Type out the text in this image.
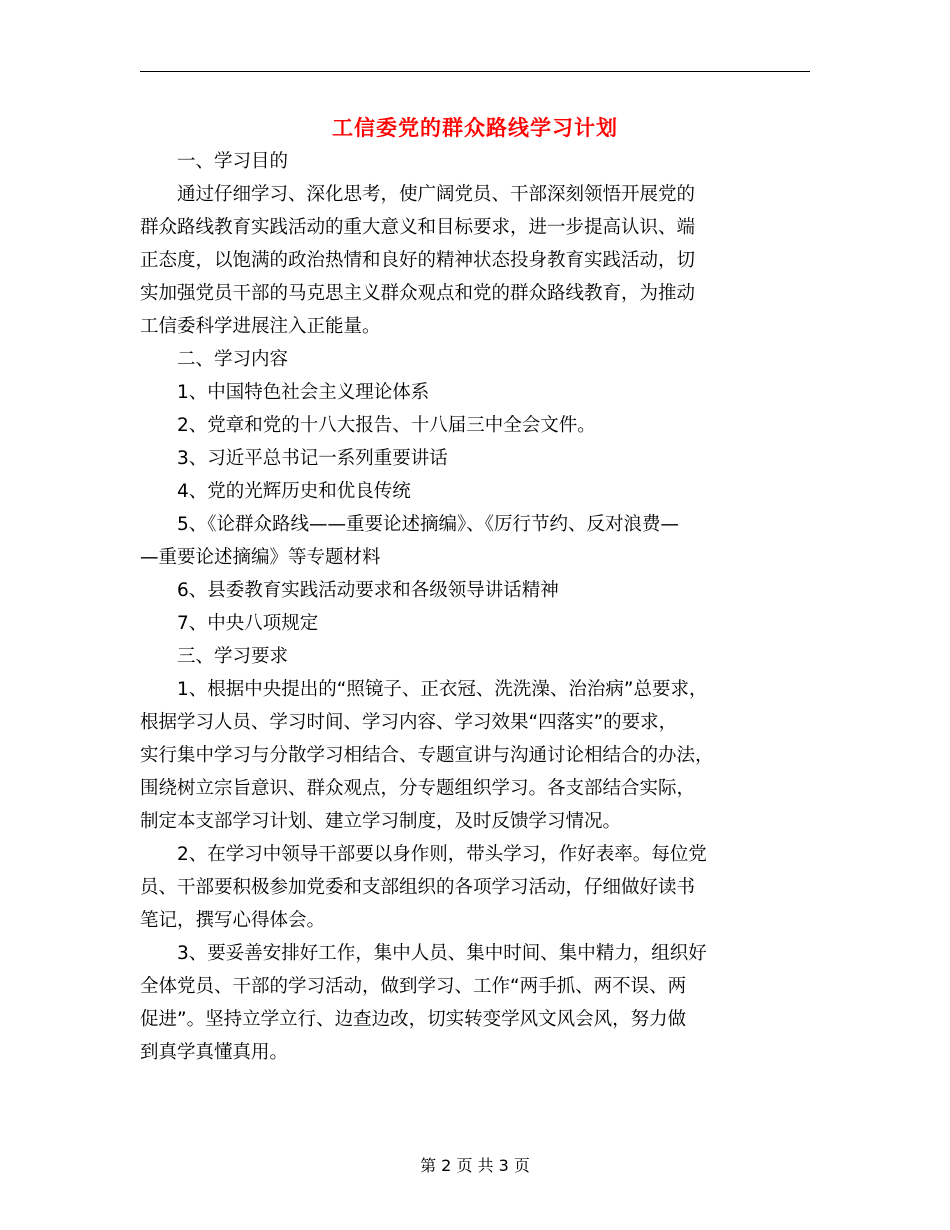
工信委党的群众路线学习计划
　　一、学习目的
　　通过仔细学习、深化思考，使广阔党员、干部深刻领悟开展党的
群众路线教育实践活动的重大意义和目标要求，进一步提高认识、端
正态度，以饱满的政治热情和良好的精神状态投身教育实践活动，切
实加强党员干部的马克思主义群众观点和党的群众路线教育，为推动
工信委科学进展注入正能量。
　　二、学习内容
　　1、中国特色社会主义理论体系
　　2、党章和党的十八大报告、十八届三中全会文件。
　　3、习近平总书记一系列重要讲话
　　4、党的光辉历史和优良传统
　　5、《论群众路线——重要论述摘编》、《厉行节约、反对浪费—
—重要论述摘编》等专题材料
　　6、县委教育实践活动要求和各级领导讲话精神
　　7、中央八项规定
　　三、学习要求
　　1、根据中央提出的“照镜子、正衣冠、洗洗澡、治治病”总要求，
根据学习人员、学习时间、学习内容、学习效果“四落实”的要求，
实行集中学习与分散学习相结合、专题宣讲与沟通讨论相结合的办法，
围绕树立宗旨意识、群众观点，分专题组织学习。各支部结合实际，
制定本支部学习计划、建立学习制度，及时反馈学习情况。
　　2、在学习中领导干部要以身作则，带头学习，作好表率。每位党
员、干部要积极参加党委和支部组织的各项学习活动，仔细做好读书
笔记，撰写心得体会。
　　3、要妥善安排好工作，集中人员、集中时间、集中精力，组织好
全体党员、干部的学习活动，做到学习、工作“两手抓、两不误、两
促进”。坚持立学立行、边查边改，切实转变学风文风会风，努力做
到真学真懂真用。
第 2 页 共 3 页
